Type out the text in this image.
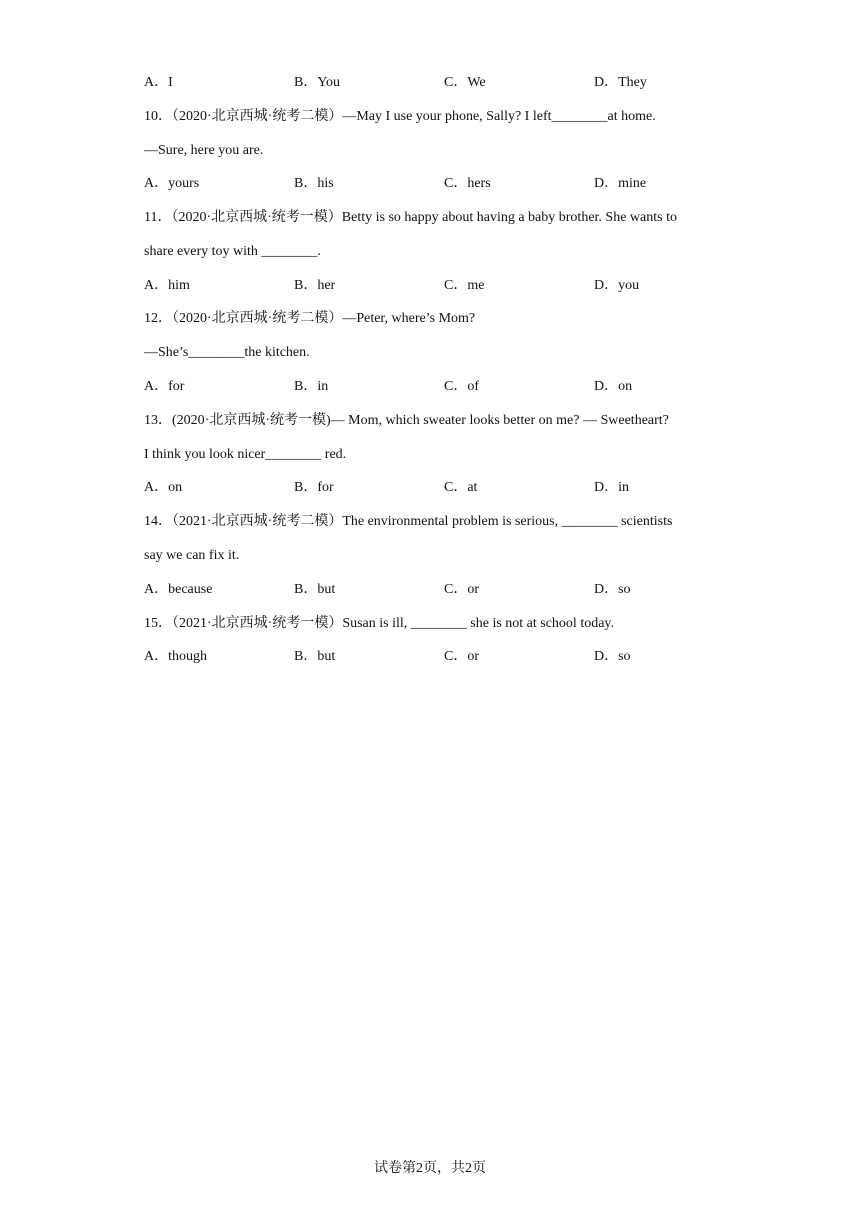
A．I	B．You	C．We	D．They
10．（2020·北京西城·统考二模）—May I use your phone, Sally? I left________at home.
—Sure, here you are.
A．yours	B．his	C．hers	D．mine
11．（2020·北京西城·统考一模）Betty is so happy about having a baby brother. She wants to
share every toy with ________.
A．him	B．her	C．me	D．you
12．（2020·北京西城·统考二模）—Peter, where’s Mom?
—She’s________the kitchen.
A．for	B．in	C．of	D．on
13．(2020·北京西城·统考一模)— Mom, which sweater looks better on me? — Sweetheart?
I think you look nicer________ red.
A．on	B．for	C．at	D．in
14．（2021·北京西城·统考二模）The environmental problem is serious, ________ scientists
say we can fix it.
A．because	B．but	C．or	D．so
15．（2021·北京西城·统考一模）Susan is ill, ________ she is not at school today.
A．though	B．but	C．or	D．so
试卷第2页，共2页
